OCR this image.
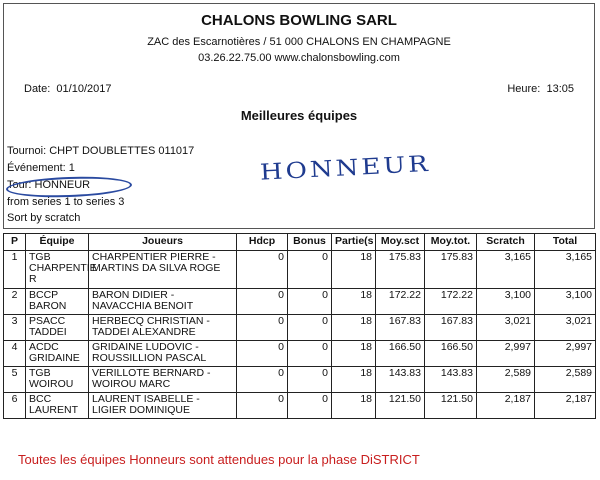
CHALONS BOWLING SARL
ZAC des Escarnotières / 51 000 CHALONS EN CHAMPAGNE
03.26.22.75.00 www.chalonsbowling.com
Date: 01/10/2017	Heure: 13:05
Meilleures équipes
Tournoi: CHPT DOUBLETTES 011017
Événement: 1
Tour: HONNEUR
from series 1 to series 3
Sort by scratch
HONNEUR
P	Équipe	Joueurs	Hdcp	Bonus	Partie(s	Moy.sct	Moy.tot.	Scratch	Total
1	TGB CHARPENTIE R	CHARPENTIER PIERRE - MARTINS DA SILVA ROGE	0	0	18	175.83	175.83	3,165	3,165
2	BCCP BARON	BARON DIDIER - NAVACCHIA BENOIT	0	0	18	172.22	172.22	3,100	3,100
3	PSACC TADDEI	HERBECQ CHRISTIAN - TADDEI ALEXANDRE	0	0	18	167.83	167.83	3,021	3,021
4	ACDC GRIDAINE	GRIDAINE LUDOVIC - ROUSSILLION PASCAL	0	0	18	166.50	166.50	2,997	2,997
5	TGB WOIROU	VERILLOTE BERNARD - WOIROU MARC	0	0	18	143.83	143.83	2,589	2,589
6	BCC LAURENT	LAURENT ISABELLE - LIGIER DOMINIQUE	0	0	18	121.50	121.50	2,187	2,187
Toutes les équipes Honneurs sont attendues pour la phase DiSTRICT
